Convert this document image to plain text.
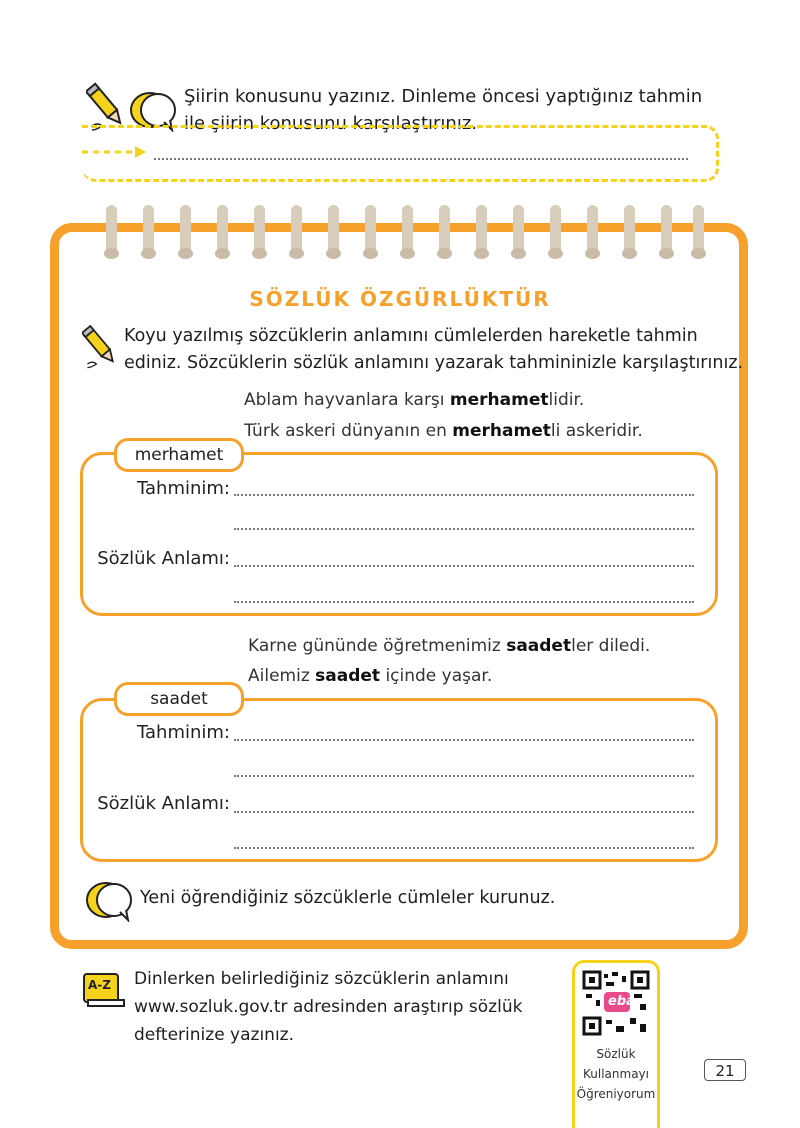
Şiirin konusunu yazınız. Dinleme öncesi yaptığınız tahmin
ile şiirin konusunu karşılaştırınız.
SÖZLÜK ÖZGÜRLÜKTÜR
Koyu yazılmış sözcüklerin anlamını cümlelerden hareketle tahmin
ediniz. Sözcüklerin sözlük anlamını yazarak tahmininizle karşılaştırınız.
Ablam hayvanlara karşı merhametlidir.
Türk askeri dünyanın en merhametli askeridir.
merhamet
Tahminim:
Sözlük Anlamı:
Karne gününde öğretmenimiz saadetler diledi.
Ailemiz saadet içinde yaşar.
saadet
Tahminim:
Sözlük Anlamı:
Yeni öğrendiğiniz sözcüklerle cümleler kurunuz.
A-Z Dinlerken belirlediğiniz sözcüklerin anlamını
www.sozluk.gov.tr adresinden araştırıp sözlük
defterinize yazınız.
eba
Sözlük
Kullanmayı
Öğreniyorum
21
